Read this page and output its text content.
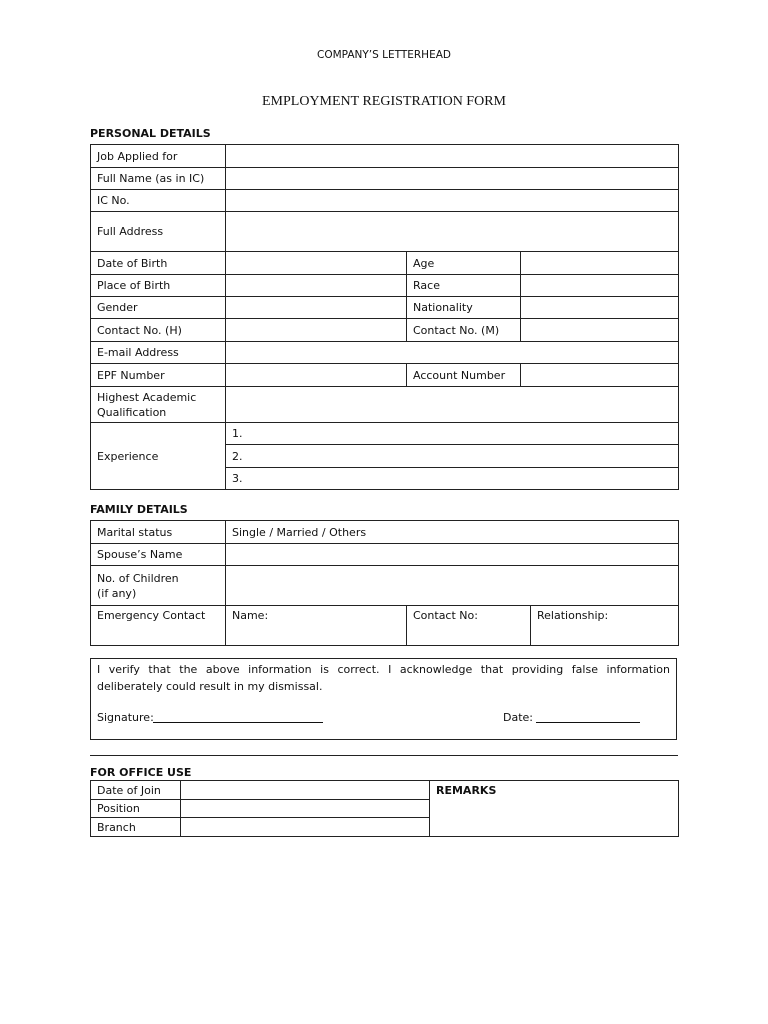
COMPANY’S LETTERHEAD
EMPLOYMENT REGISTRATION FORM
PERSONAL DETAILS
Job Applied for			
Full Name (as in IC)			
IC No.			
Full Address			
Date of Birth		Age	
Place of Birth		Race	
Gender		Nationality	
Contact No. (H)		Contact No. (M)	
E-mail Address			
EPF Number		Account Number	
Highest Academic Qualification			
Experience	1.		
	2.		
	3.		
FAMILY DETAILS
Marital status	Single / Married / Others		
Spouse’s Name			

No. of Children
(if any)			

Emergency Contact	Name:	Contact No:	Relationship:
I verify that the above information is correct. I acknowledge that providing false information deliberately could result in my dismissal.
Signature:	Date:
FOR OFFICE USE
Date of Join		REMARKS
Position		
Branch		
